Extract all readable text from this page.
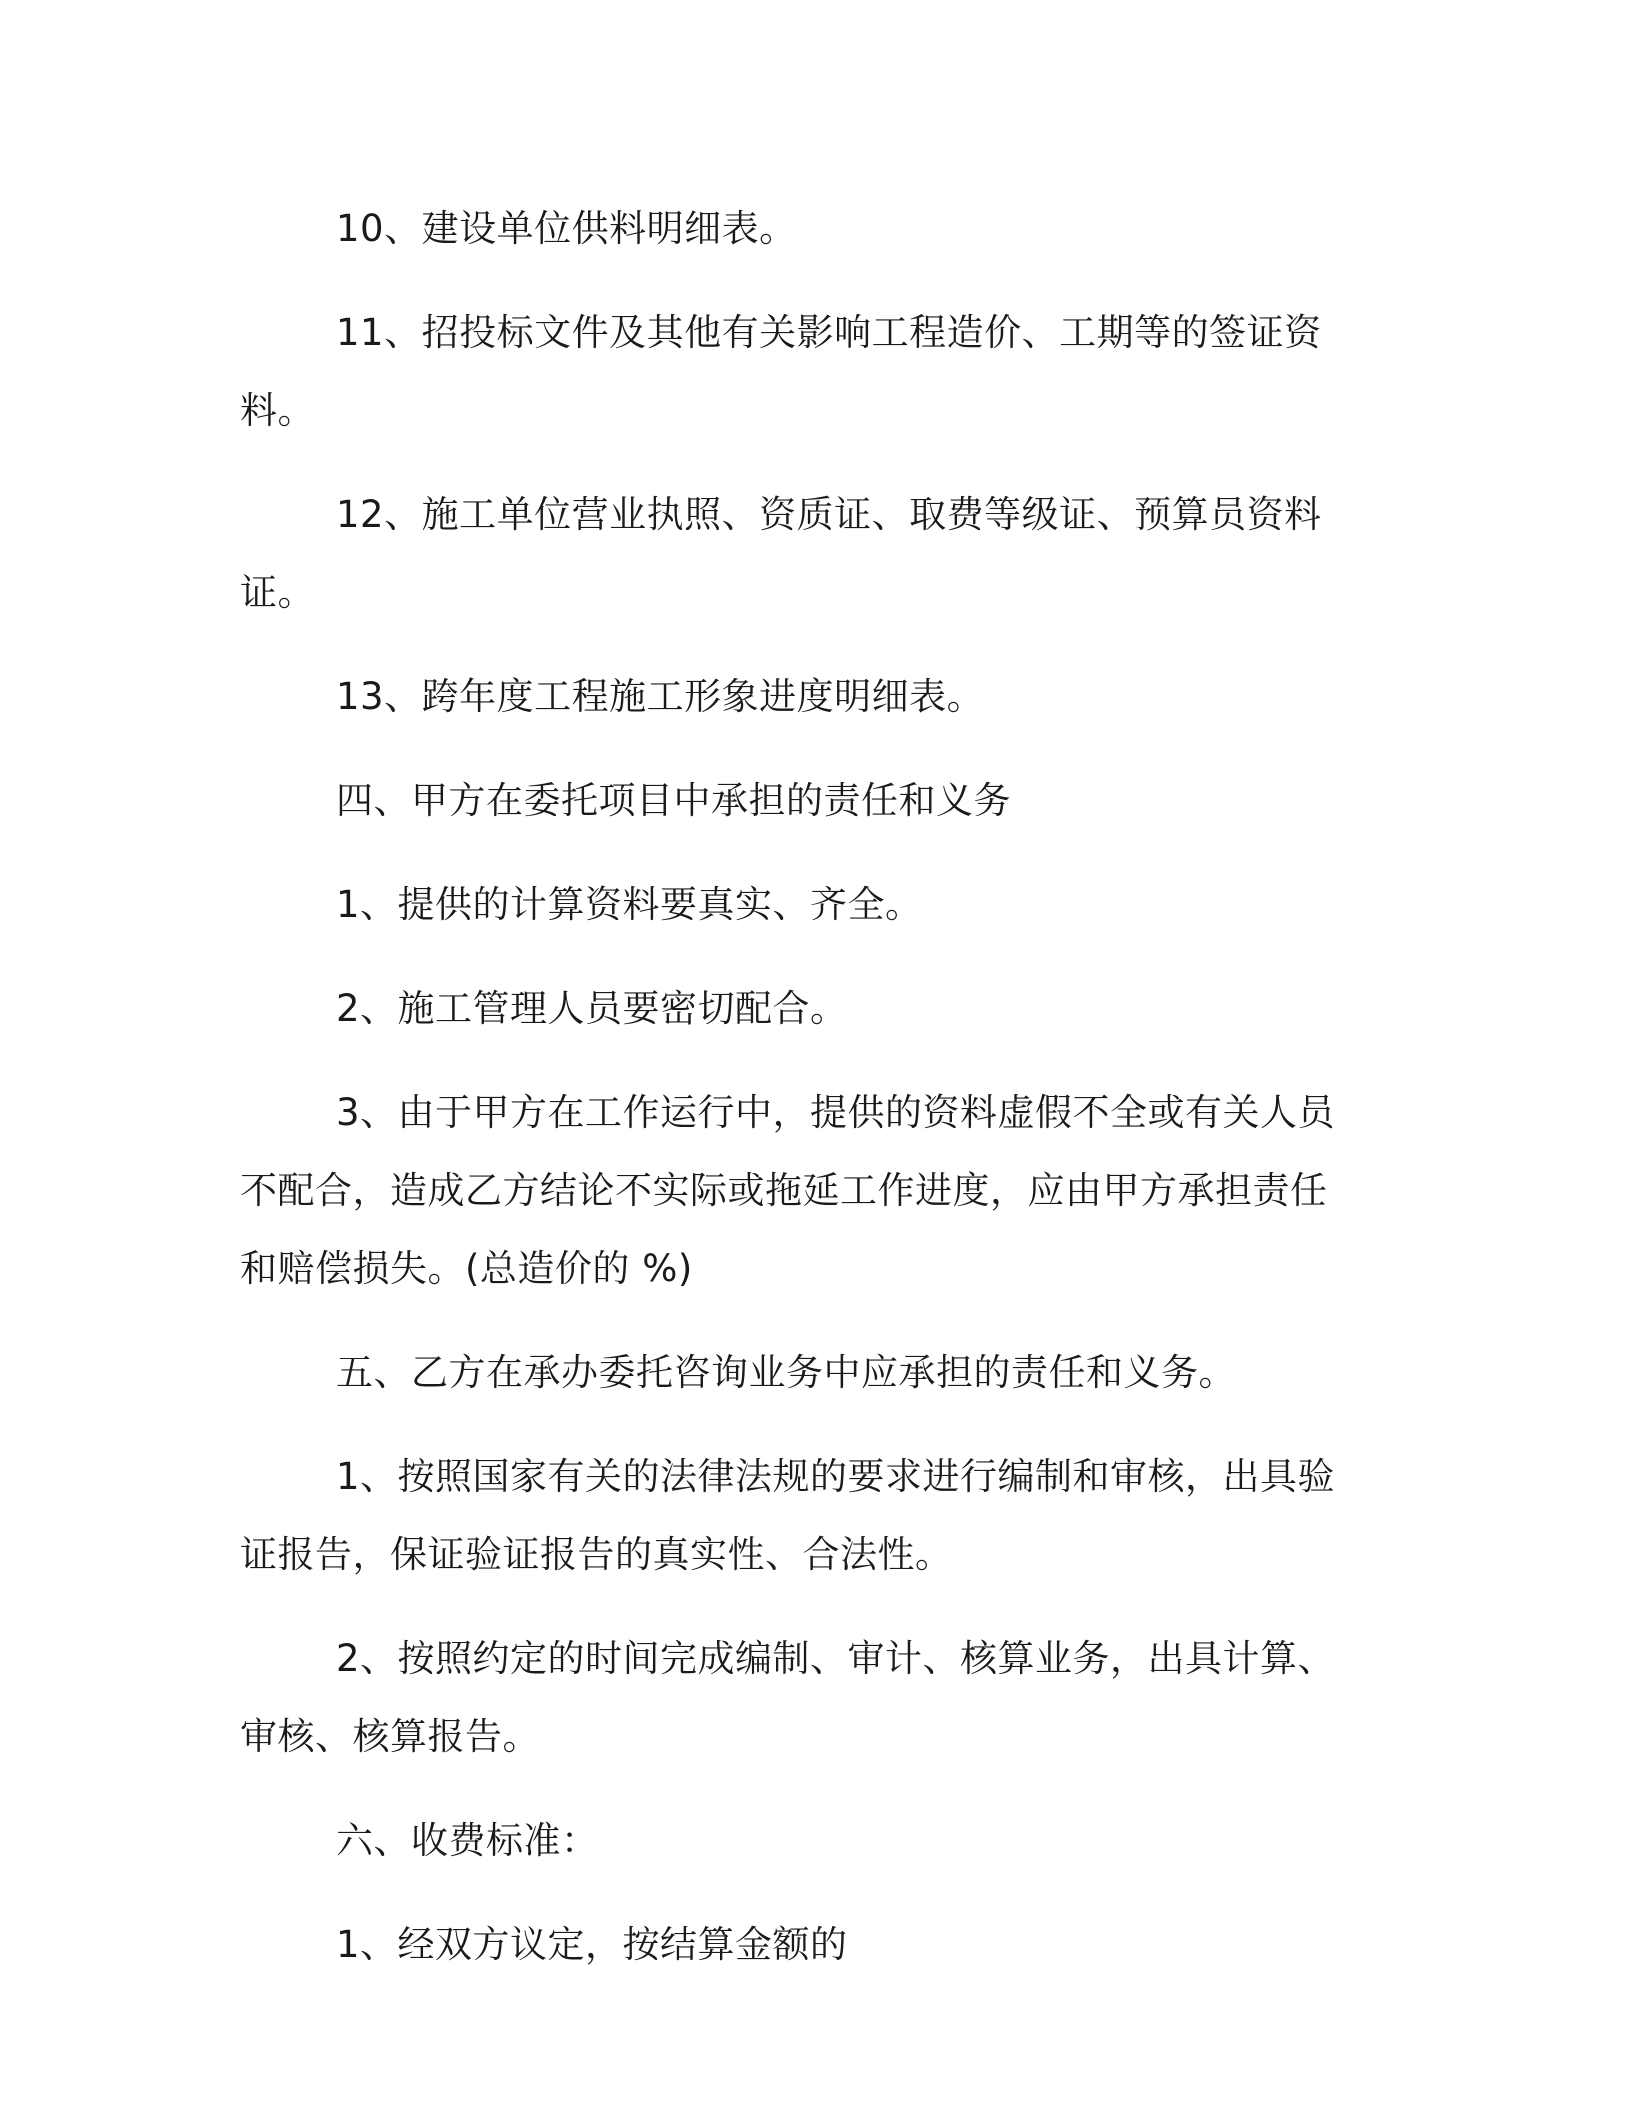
10、建设单位供料明细表。

11、招投标文件及其他有关影响工程造价、工期等的签证资料。

12、施工单位营业执照、资质证、取费等级证、预算员资料证。

13、跨年度工程施工形象进度明细表。

四、甲方在委托项目中承担的责任和义务

1、提供的计算资料要真实、齐全。

2、施工管理人员要密切配合。

3、由于甲方在工作运行中，提供的资料虚假不全或有关人员不配合，造成乙方结论不实际或拖延工作进度，应由甲方承担责任和赔偿损失。(总造价的 %)

五、乙方在承办委托咨询业务中应承担的责任和义务。

1、按照国家有关的法律法规的要求进行编制和审核，出具验证报告，保证验证报告的真实性、合法性。

2、按照约定的时间完成编制、审计、核算业务，出具计算、审核、核算报告。

六、收费标准：

1、经双方议定，按结算金额的
